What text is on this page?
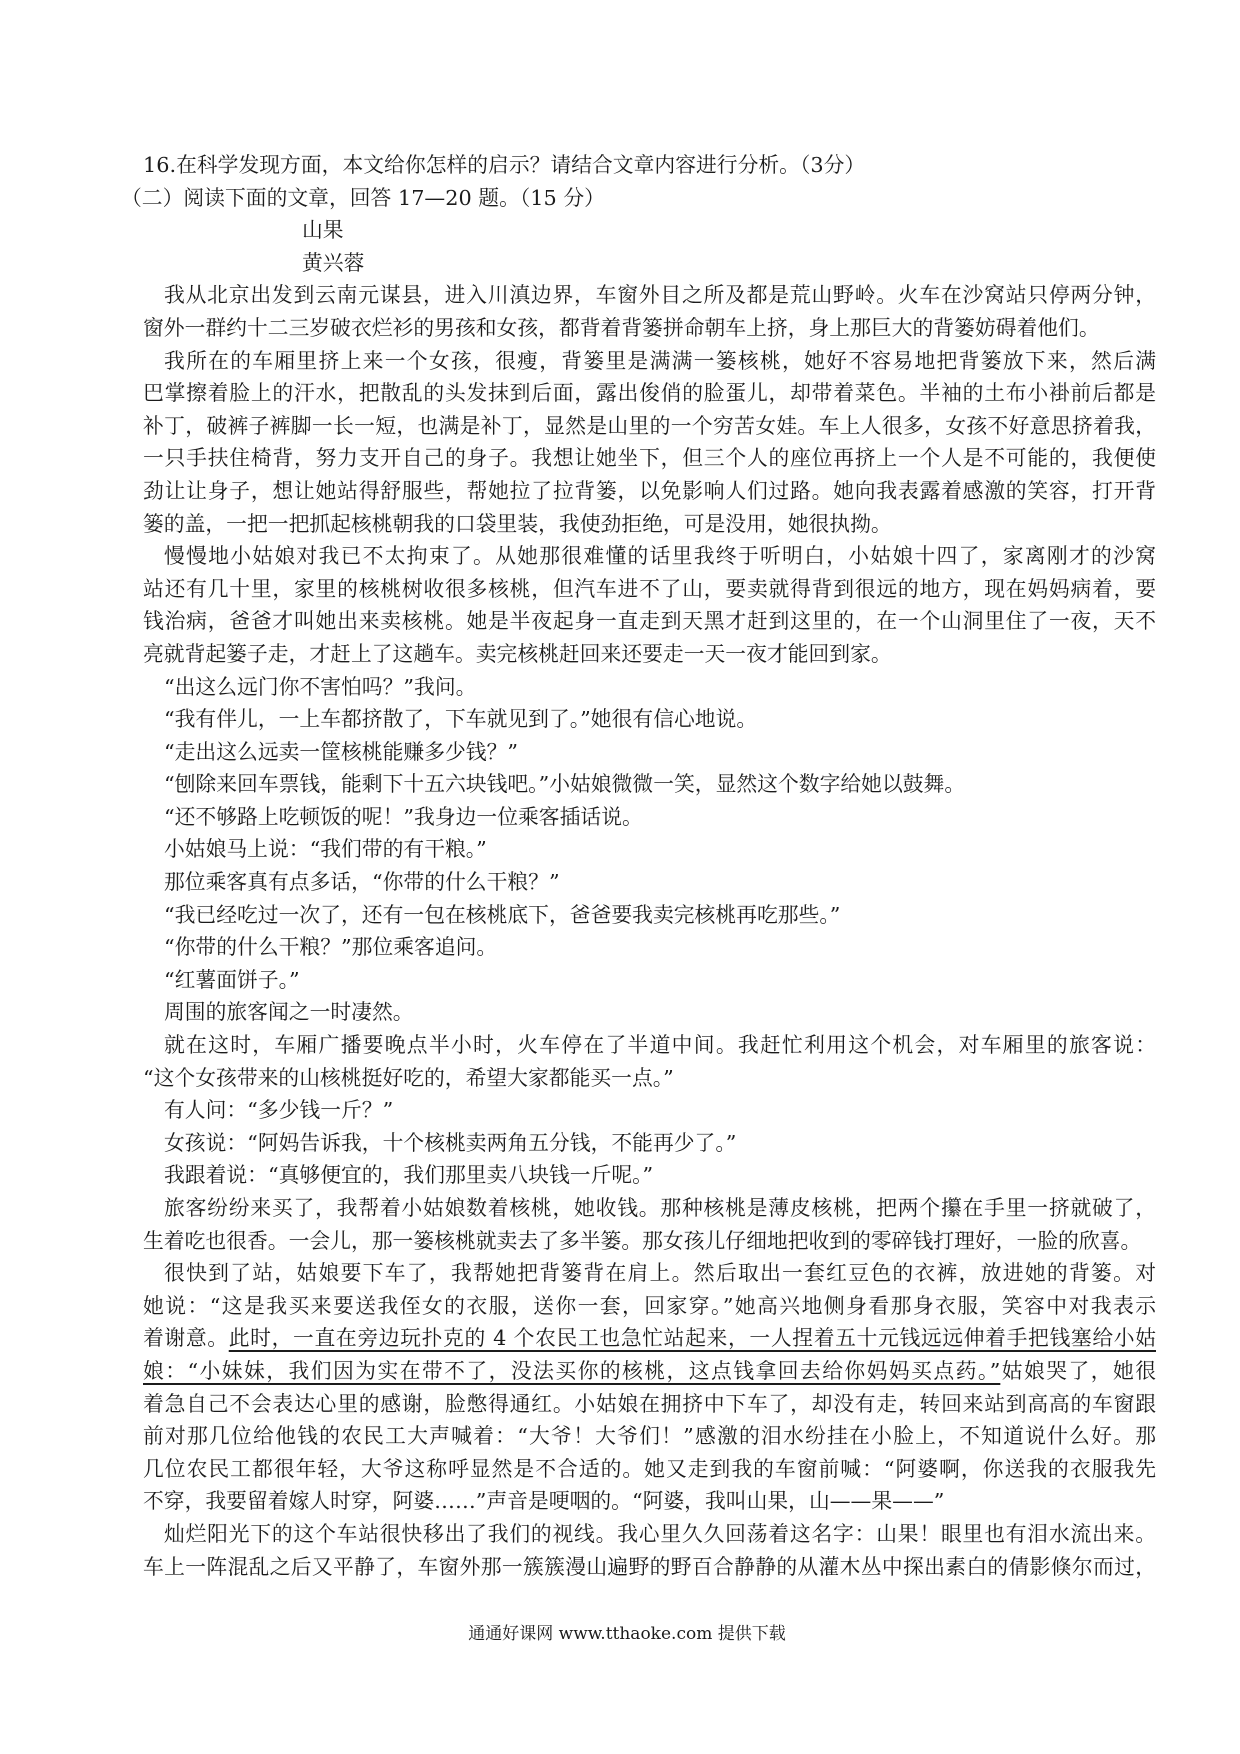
16.在科学发现方面，本文给你怎样的启示？请结合文章内容进行分析。（3分）
（二）阅读下面的文章，回答 17—20 题。（15 分）
山果
黄兴蓉
我从北京出发到云南元谋县，进入川滇边界，车窗外目之所及都是荒山野岭。火车在沙窝站只停两分钟，
窗外一群约十二三岁破衣烂衫的男孩和女孩，都背着背篓拼命朝车上挤，身上那巨大的背篓妨碍着他们。
我所在的车厢里挤上来一个女孩，很瘦，背篓里是满满一篓核桃，她好不容易地把背篓放下来，然后满
巴掌擦着脸上的汗水，把散乱的头发抹到后面，露出俊俏的脸蛋儿，却带着菜色。半袖的土布小褂前后都是
补丁，破裤子裤脚一长一短，也满是补丁，显然是山里的一个穷苦女娃。车上人很多，女孩不好意思挤着我，
一只手扶住椅背，努力支开自己的身子。我想让她坐下，但三个人的座位再挤上一个人是不可能的，我便使
劲让让身子，想让她站得舒服些，帮她拉了拉背篓，以免影响人们过路。她向我表露着感激的笑容，打开背
篓的盖，一把一把抓起核桃朝我的口袋里装，我使劲拒绝，可是没用，她很执拗。
慢慢地小姑娘对我已不太拘束了。从她那很难懂的话里我终于听明白，小姑娘十四了，家离刚才的沙窝
站还有几十里，家里的核桃树收很多核桃，但汽车进不了山，要卖就得背到很远的地方，现在妈妈病着，要
钱治病，爸爸才叫她出来卖核桃。她是半夜起身一直走到天黑才赶到这里的，在一个山洞里住了一夜，天不
亮就背起篓子走，才赶上了这趟车。卖完核桃赶回来还要走一天一夜才能回到家。
“出这么远门你不害怕吗？”我问。
“我有伴儿，一上车都挤散了，下车就见到了。”她很有信心地说。
“走出这么远卖一筐核桃能赚多少钱？”
“刨除来回车票钱，能剩下十五六块钱吧。”小姑娘微微一笑，显然这个数字给她以鼓舞。
“还不够路上吃顿饭的呢！”我身边一位乘客插话说。
小姑娘马上说：“我们带的有干粮。”
那位乘客真有点多话，“你带的什么干粮？”
“我已经吃过一次了，还有一包在核桃底下，爸爸要我卖完核桃再吃那些。”
“你带的什么干粮？”那位乘客追问。
“红薯面饼子。”
周围的旅客闻之一时凄然。
就在这时，车厢广播要晚点半小时，火车停在了半道中间。我赶忙利用这个机会，对车厢里的旅客说：
“这个女孩带来的山核桃挺好吃的，希望大家都能买一点。”
有人问：“多少钱一斤？”
女孩说：“阿妈告诉我，十个核桃卖两角五分钱，不能再少了。”
我跟着说：“真够便宜的，我们那里卖八块钱一斤呢。”
旅客纷纷来买了，我帮着小姑娘数着核桃，她收钱。那种核桃是薄皮核桃，把两个攥在手里一挤就破了，
生着吃也很香。一会儿，那一篓核桃就卖去了多半篓。那女孩儿仔细地把收到的零碎钱打理好，一脸的欣喜。
很快到了站，姑娘要下车了，我帮她把背篓背在肩上。然后取出一套红豆色的衣裤，放进她的背篓。对
她说：“这是我买来要送我侄女的衣服，送你一套，回家穿。”她高兴地侧身看那身衣服，笑容中对我表示
着谢意。此时，一直在旁边玩扑克的 4 个农民工也急忙站起来，一人捏着五十元钱远远伸着手把钱塞给小姑
娘：“小妹妹，我们因为实在带不了，没法买你的核桃，这点钱拿回去给你妈妈买点药。”姑娘哭了，她很
着急自己不会表达心里的感谢，脸憋得通红。小姑娘在拥挤中下车了，却没有走，转回来站到高高的车窗跟
前对那几位给他钱的农民工大声喊着：“大爷！大爷们！”感激的泪水纷挂在小脸上，不知道说什么好。那
几位农民工都很年轻，大爷这称呼显然是不合适的。她又走到我的车窗前喊：“阿婆啊，你送我的衣服我先
不穿，我要留着嫁人时穿，阿婆……”声音是哽咽的。“阿婆，我叫山果，山——果——”
灿烂阳光下的这个车站很快移出了我们的视线。我心里久久回荡着这名字：山果！眼里也有泪水流出来。
车上一阵混乱之后又平静了，车窗外那一簇簇漫山遍野的野百合静静的从灌木丛中探出素白的倩影倏尔而过，
通通好课网 www.tthaoke.com 提供下载
